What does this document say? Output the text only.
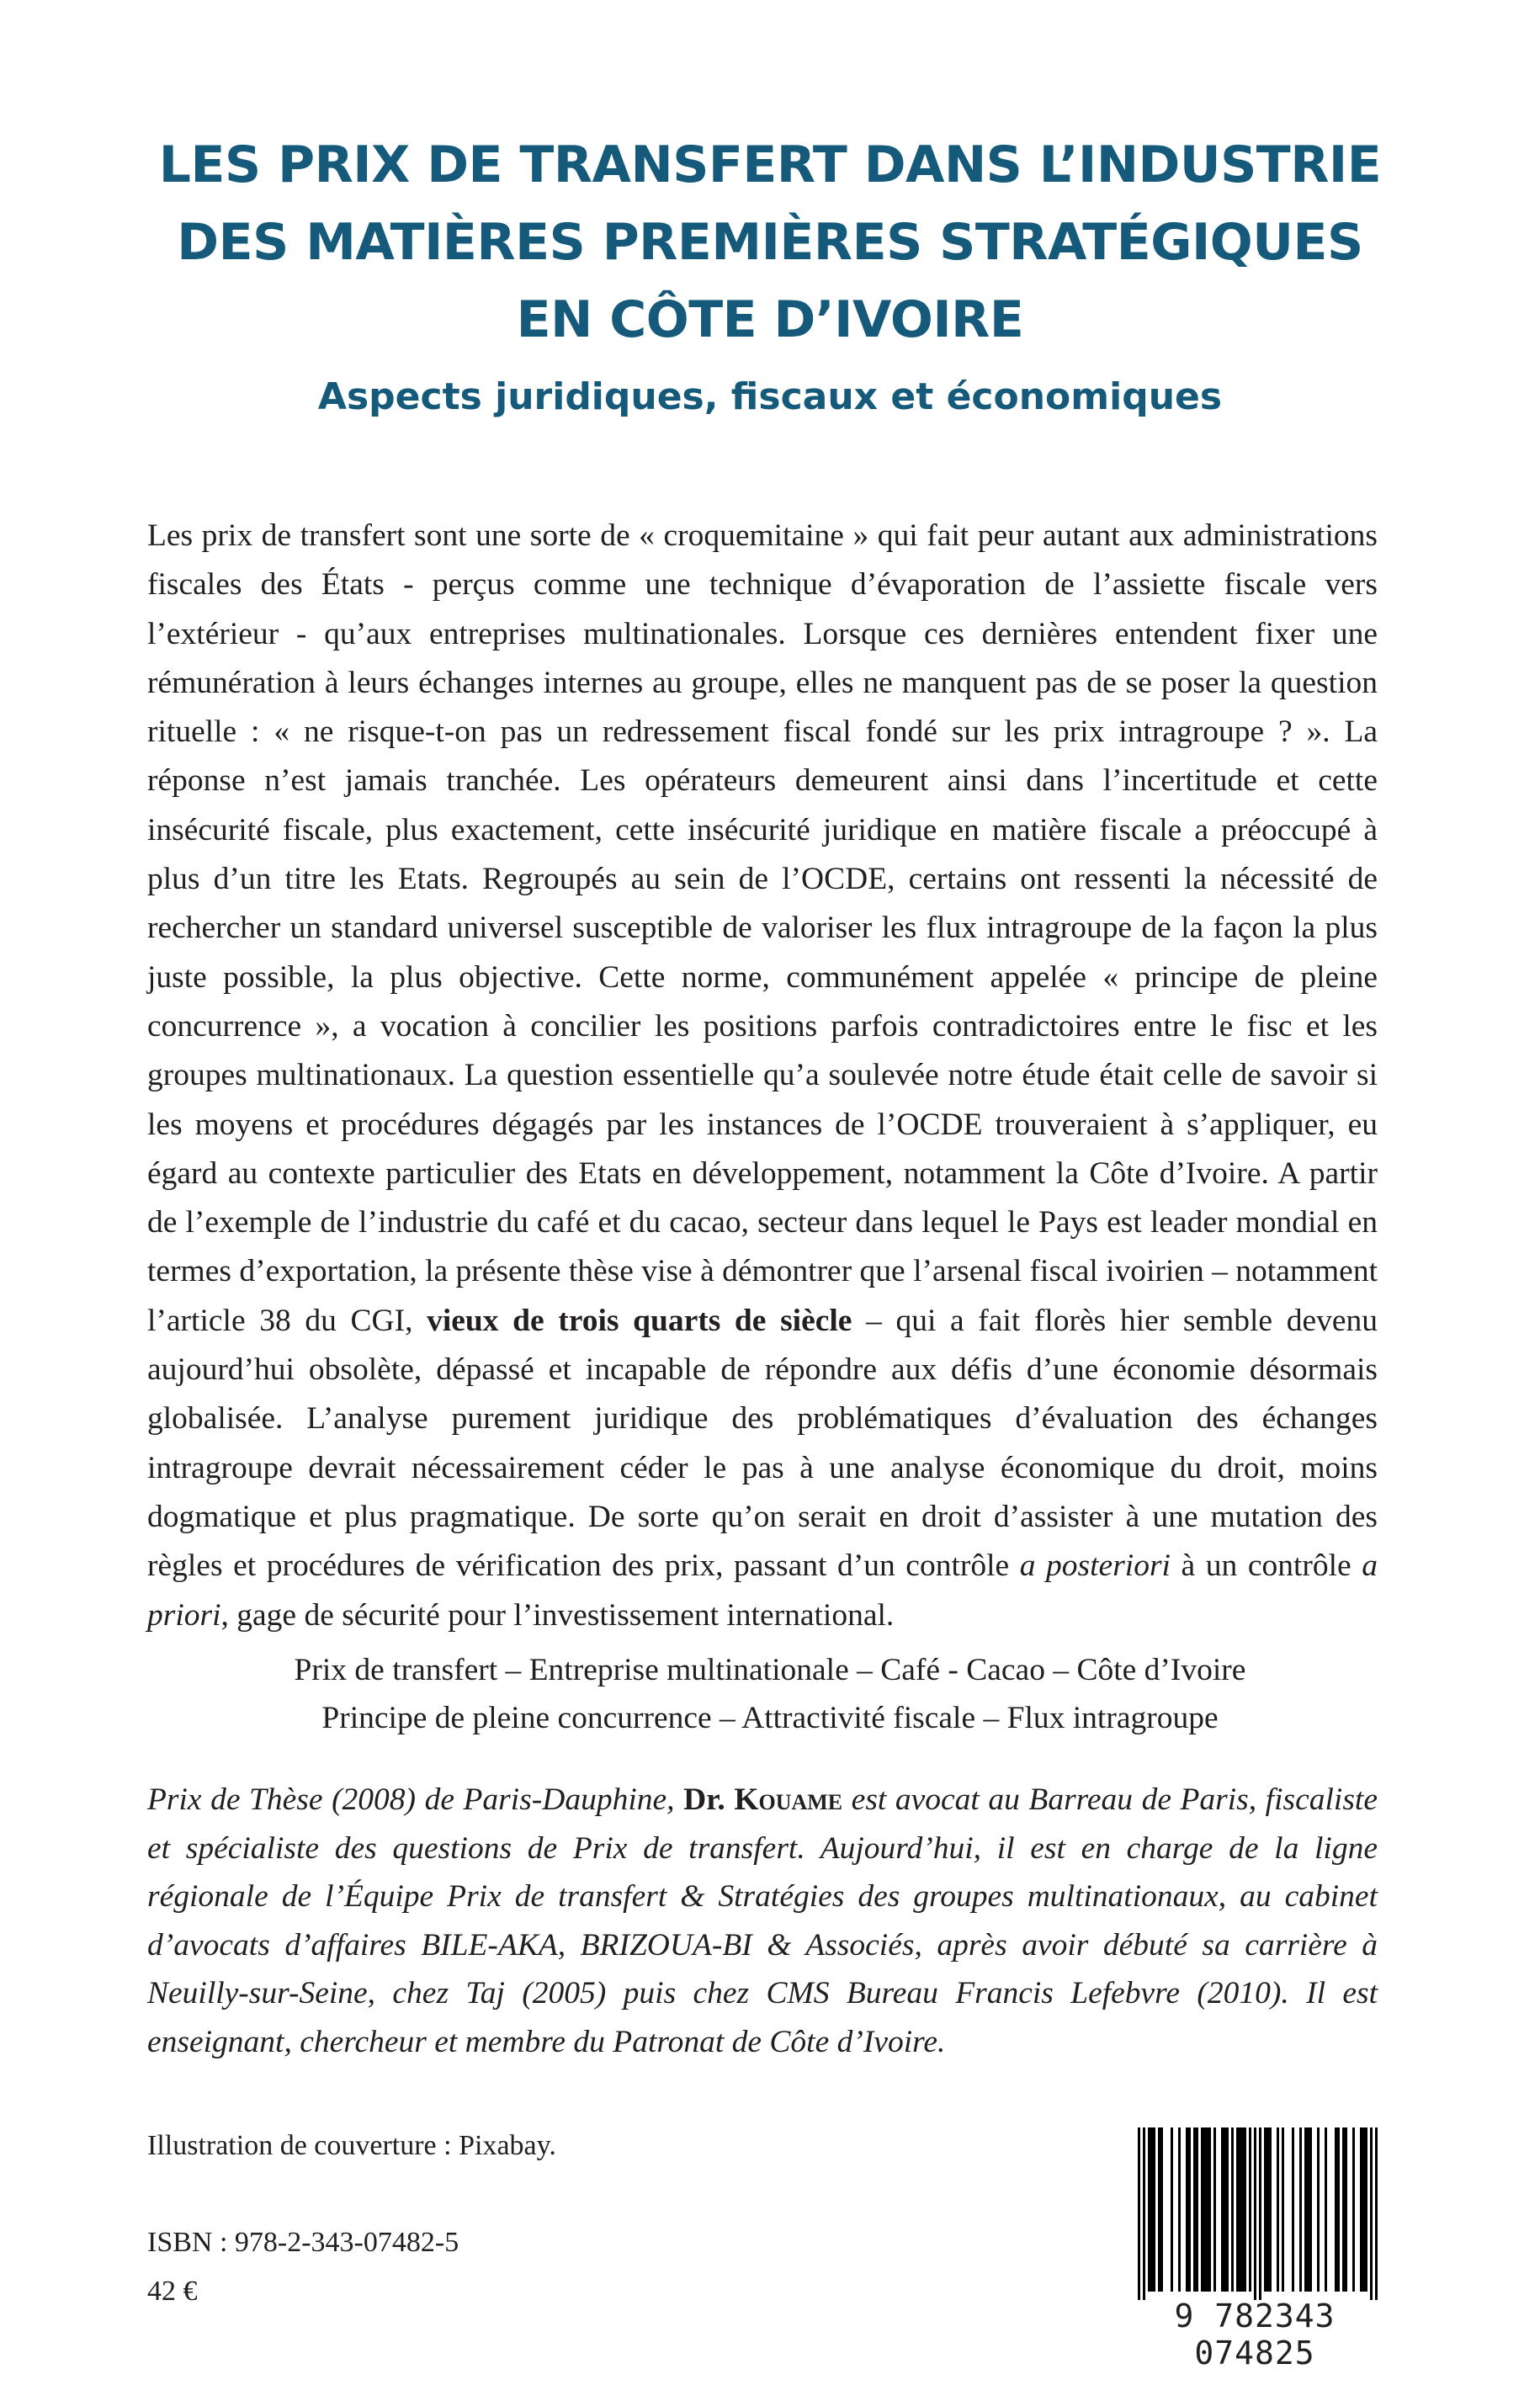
LES PRIX DE TRANSFERT DANS L’INDUSTRIE
DES MATIÈRES PREMIÈRES STRATÉGIQUES
EN CÔTE D’IVOIRE
Aspects juridiques, fiscaux et économiques

Les prix de transfert sont une sorte de « croquemitaine » qui fait peur autant aux administrations fiscales des États - perçus comme une technique d’évaporation de l’assiette fiscale vers l’extérieur - qu’aux entreprises multinationales. Lorsque ces dernières entendent fixer une rémunération à leurs échanges internes au groupe, elles ne manquent pas de se poser la question rituelle : « ne risque-t-on pas un redressement fiscal fondé sur les prix intragroupe ? ». La réponse n’est jamais tranchée. Les opérateurs demeurent ainsi dans l’incertitude et cette insécurité fiscale, plus exactement, cette insécurité juridique en matière fiscale a préoccupé à plus d’un titre les Etats. Regroupés au sein de l’OCDE, certains ont ressenti la nécessité de rechercher un standard universel susceptible de valoriser les flux intragroupe de la façon la plus juste possible, la plus objective. Cette norme, communément appelée « principe de pleine concurrence », a vocation à concilier les positions parfois contradictoires entre le fisc et les groupes multinationaux. La question essentielle qu’a soulevée notre étude était celle de savoir si les moyens et procédures dégagés par les instances de l’OCDE trouveraient à s’appliquer, eu égard au contexte particulier des Etats en développement, notamment la Côte d’Ivoire. A partir de l’exemple de l’industrie du café et du cacao, secteur dans lequel le Pays est leader mondial en termes d’exportation, la présente thèse vise à démontrer que l’arsenal fiscal ivoirien – notamment l’article 38 du CGI, vieux de trois quarts de siècle – qui a fait florès hier semble devenu aujourd’hui obsolète, dépassé et incapable de répondre aux défis d’une économie désormais globalisée. L’analyse purement juridique des problématiques d’évaluation des échanges intragroupe devrait nécessairement céder le pas à une analyse économique du droit, moins dogmatique et plus pragmatique. De sorte qu’on serait en droit d’assister à une mutation des règles et procédures de vérification des prix, passant d’un contrôle a posteriori à un contrôle a priori, gage de sécurité pour l’investissement international.

Prix de transfert – Entreprise multinationale – Café - Cacao – Côte d’Ivoire
Principe de pleine concurrence – Attractivité fiscale – Flux intragroupe

Prix de Thèse (2008) de Paris-Dauphine, Dr. Kouame est avocat au Barreau de Paris, fiscaliste et spécialiste des questions de Prix de transfert. Aujourd’hui, il est en charge de la ligne régionale de l’Équipe Prix de transfert & Stratégies des groupes multinationaux, au cabinet d’avocats d’affaires BILE-AKA, BRIZOUA-BI & Associés, après avoir débuté sa carrière à Neuilly-sur-Seine, chez Taj (2005) puis chez CMS Bureau Francis Lefebvre (2010). Il est enseignant, chercheur et membre du Patronat de Côte d’Ivoire.

Illustration de couverture : Pixabay.

ISBN : 978-2-343-07482-5

42 €

9 782343 074825
